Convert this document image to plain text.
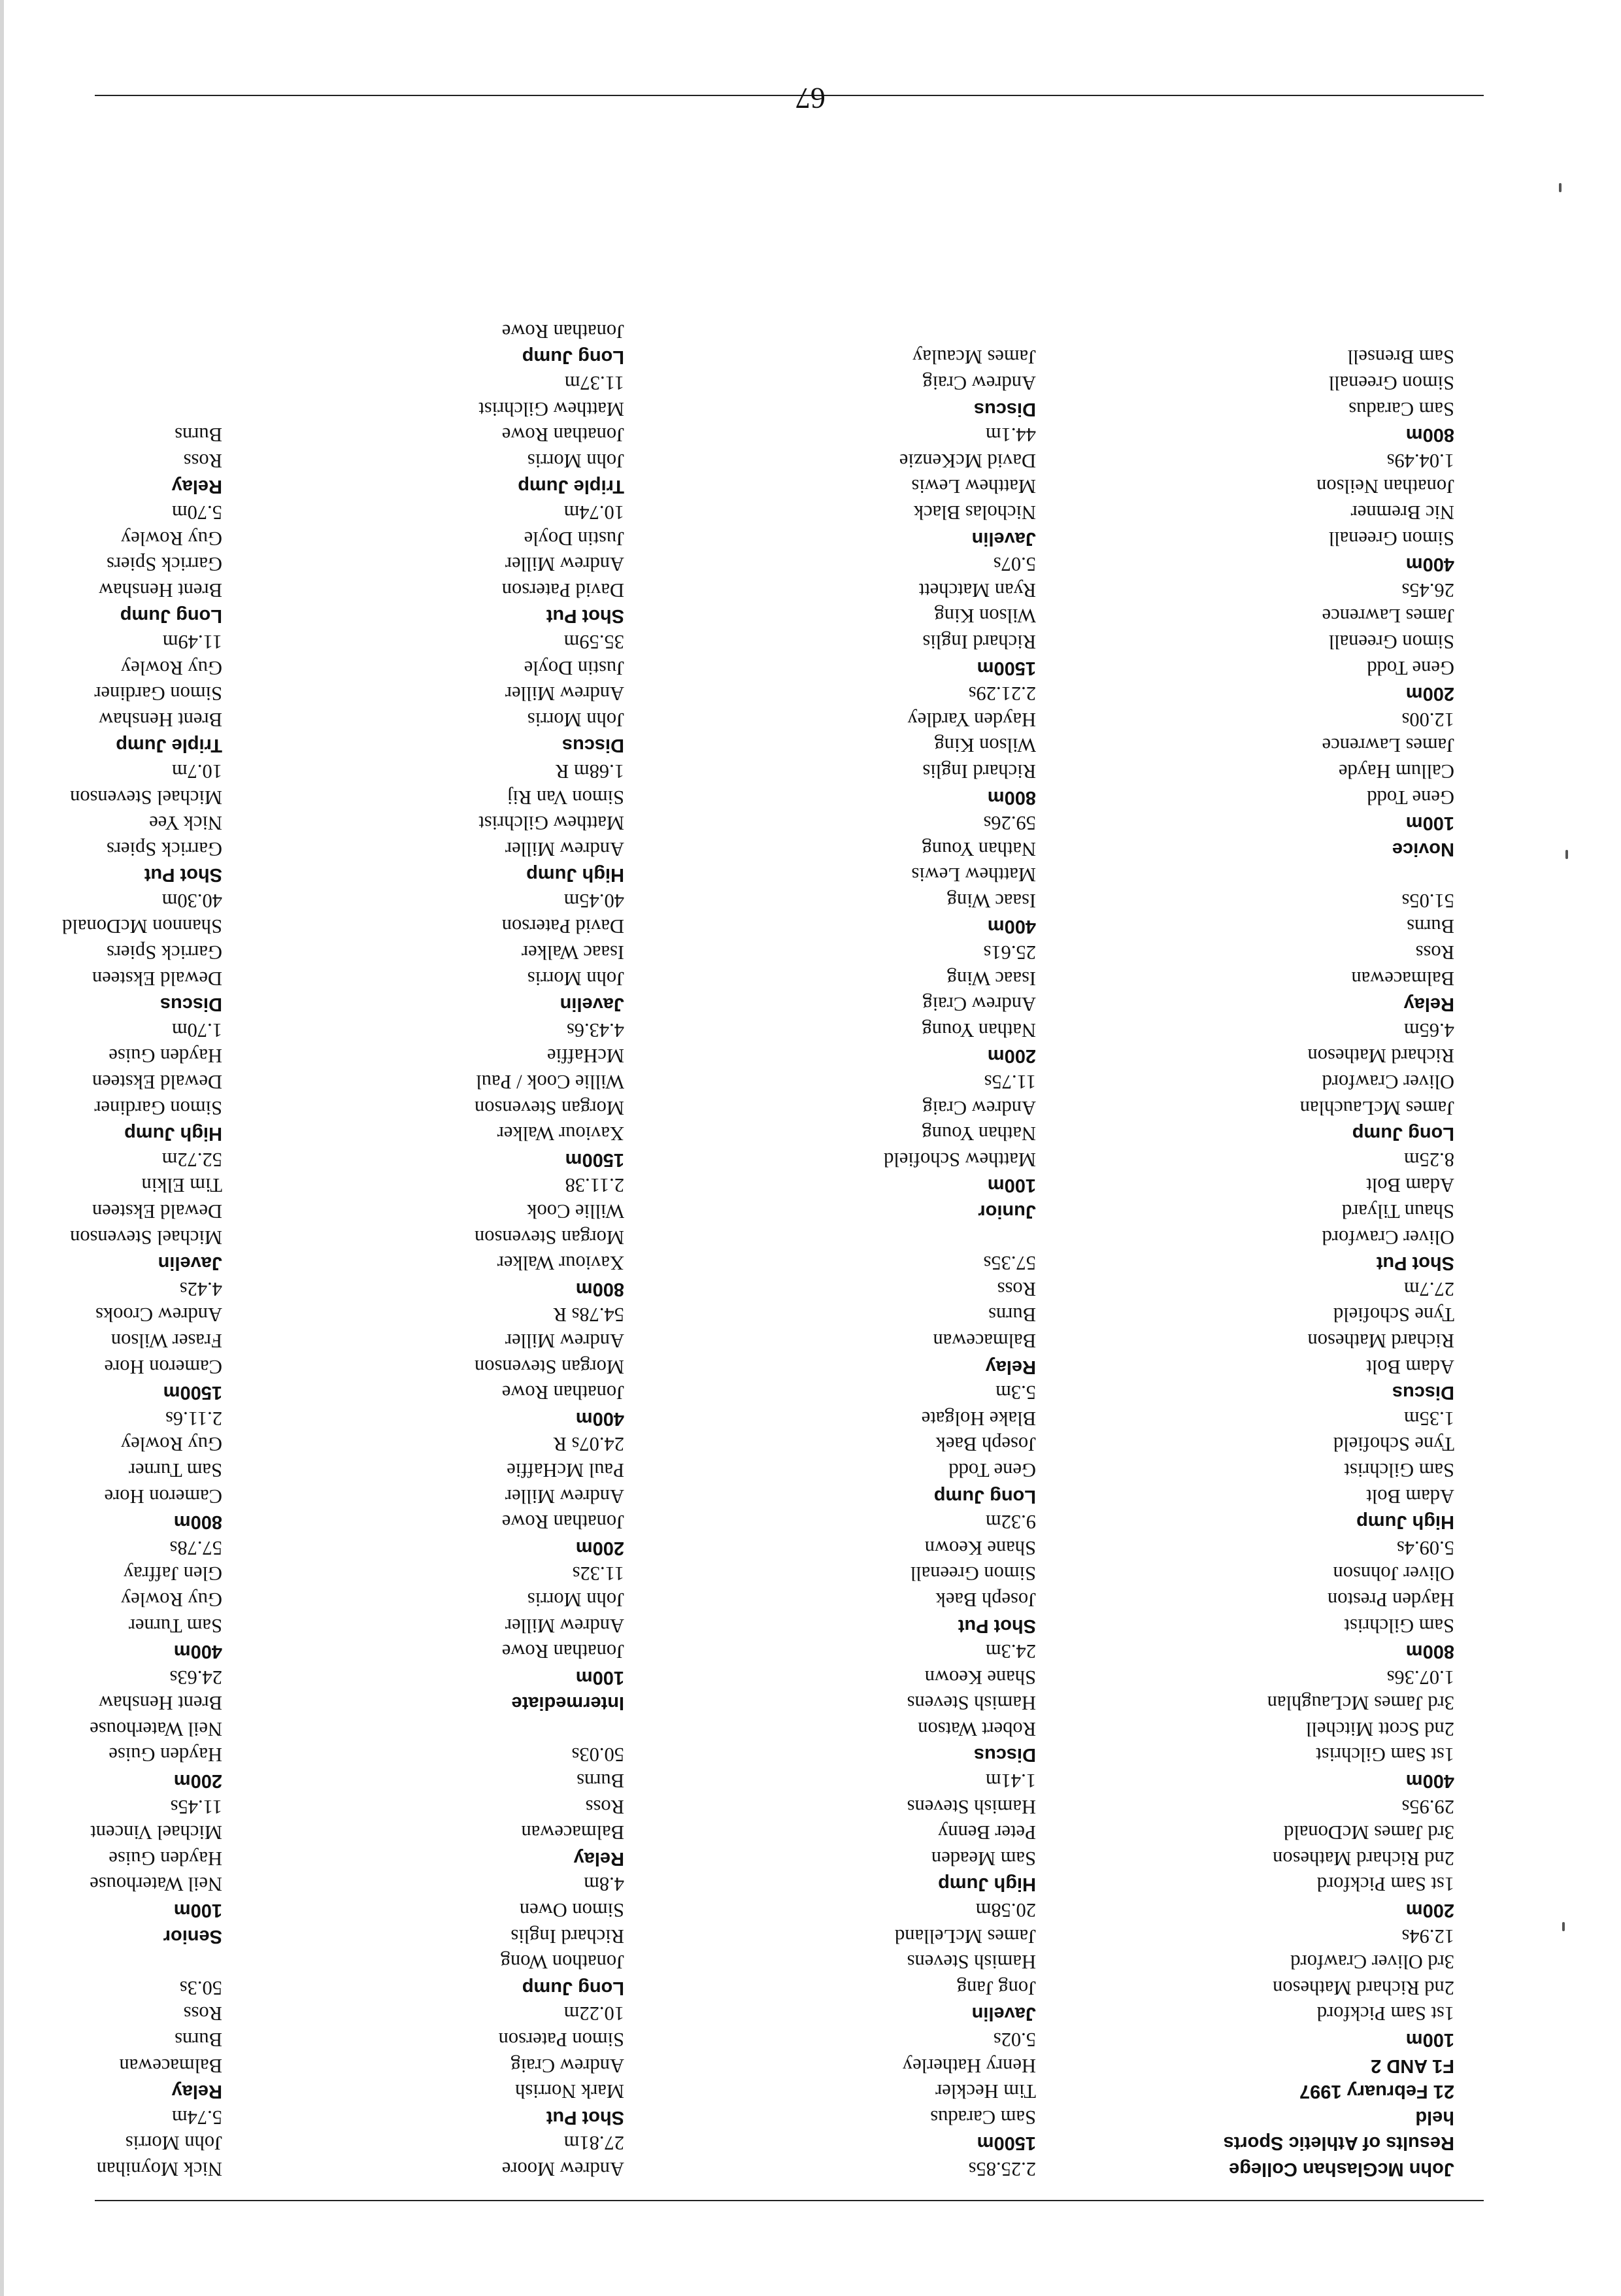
John McGlashan College
Results of Athletic Sports
held
21 February 1997
F1 AND 2
100m
1st Sam Pickford
2nd Richard Matheson
3rd Oliver Crawford
12.94s
200m
1st Sam Pickford
2nd Richard Matheson
3rd James McDonald
29.95s
400m
1st Sam Gilchrist
2nd Scott Mitchell
3rd James McLaughlan
1.07.36s
800m
Sam Gilchrist
Hayden Preston
Oliver Johnson
5.09.4s
High Jump
Adam Bolt
Sam Gilchrist
Tyne Schofield
1.35m
Discus
Adam Bolt
Richard Matheson
Tyne Schofield
27.7m
Shot Put
Oliver Crawford
Shaun Tilyard
Adam Bolt
8.25m
Long Jump
James McLauchlan
Oliver Crawford
Richard Matheson
4.65m
Relay
Balmacewan
Ross
Burns
51.05s
Novice
100m
Gene Todd
Callum Hayde
James Lawrence
12.00s
200m
Gene Todd
Simon Greenall
James Lawrence
26.45s
400m
Simon Greenall
Nic Bremner
Jonathan Neilson
1.04.49s
800m
Sam Caradus
Simon Greenall
Sam Brensell
2.25.85s
1500m
Sam Caradus
Tim Heckler
Henry Hatherley
5.02s
Javelin
Jong Jang
Hamish Stevens
James McLelland
20.58m
High Jump
Sam Meaden
Peter Benny
Hamish Stevens
1.41m
Discus
Robert Watson
Hamish Stevens
Shane Keown
24.3m
Shot Put
Joseph Baek
Simon Greenall
Shane Keown
9.32m
Long Jump
Gene Todd
Joseph Baek
Blake Holgate
5.3m
Relay
Balmacewan
Burns
Ross
57.35s
Junior
100m
Matthew Schofield
Nathan Young
Andrew Craig
11.75s
200m
Nathan Young
Andrew Craig
Isaac Wing
25.61s
400m
Isaac Wing
Matthew Lewis
Nathan Young
59.26s
800m
Richard Inglis
Wilson King
Hayden Yardley
2.21.29s
1500m
Richard Inglis
Wilson King
Ryan Matchett
5.07s
Javelin
Nicholas Black
Matthew Lewis
David McKenzie
44.1m
Discus
Andrew Craig
James Mcaulay
Andrew Moore
27.81m
Shot Put
Mark Norrish
Andrew Craig
Simon Paterson
10.22m
Long Jump
Jonathon Wong
Richard Inglis
Simon Owen
4.8m
Relay
Balmacewan
Ross
Burns
50.03s
Intermediate
100m
Jonathan Rowe
Andrew Miller
John Morris
11.32s
200m
Jonathan Rowe
Andrew Miller
Paul McHaffie
24.07s R
400m
Jonathan Rowe
Morgan Stevenson
Andrew Miller
54.78s R
800m
Xaviour Walker
Morgan Stevenson
Willie Cook
2.11.38
1500m
Xaviour Walker
Morgan Stevenson
Willie Cook / Paul
McHaffie
4.43.6s
Javelin
John Morris
Isaac Walker
David Paterson
40.45m
High Jump
Andrew Miller
Matthew Gilchrist
Simon Van Rij
1.68m R
Discus
John Morris
Andrew Miller
Justin Doyle
35.59m
Shot Put
David Paterson
Andrew Miller
Justin Doyle
10.74m
Triple Jump
John Morris
Jonathan Rowe
Matthew Gilchrist
11.37m
Long Jump
Jonathan Rowe
Nick Moynihan
John Morris
5.74m
Relay
Balmacewan
Burns
Ross
50.3s
Senior
100m
Neil Waterhouse
Hayden Guise
Michael Vincent
11.45s
200m
Hayden Guise
Neil Waterhouse
Brent Henshaw
24.63s
400m
Sam Turner
Guy Rowley
Glen Jaffray
57.78s
800m
Cameron Hore
Sam Turner
Guy Rowley
2.11.6s
1500m
Cameron Hore
Fraser Wilson
Andrew Crooks
4.42s
Javelin
Michael Stevenson
Dewald Eksteen
Tim Elkin
52.72m
High Jump
Simon Gardiner
Dewald Eksteen
Hayden Guise
1.70m
Discus
Dewald Eksteen
Garrick Spiers
Shannon McDonald
40.30m
Shot Put
Garrick Spiers
Nick Yee
Michael Stevenson
10.7m
Triple Jump
Brent Henshaw
Simon Gardiner
Guy Rowley
11.49m
Long Jump
Brent Henshaw
Garrick Spiers
Guy Rowley
5.70m
Relay
Ross
Burns
67
